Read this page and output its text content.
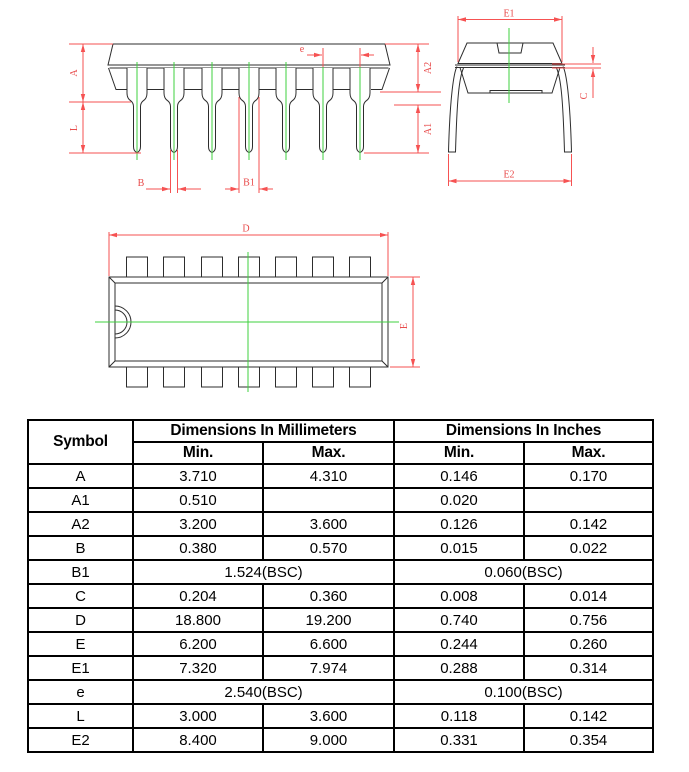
A
L
A2
A1
e
B	B1
E1
C
E2
D
E
Symbol	Dimensions In Millimeters		Dimensions In Inches	
	Min.	Max.	Min.	Max.
A	3.710	4.310	0.146	0.170
A1	0.510		0.020	
A2	3.200	3.600	0.126	0.142
B	0.380	0.570	0.015	0.022
B1	1.524(BSC)		0.060(BSC)	
C	0.204	0.360	0.008	0.014
D	18.800	19.200	0.740	0.756
E	6.200	6.600	0.244	0.260
E1	7.320	7.974	0.288	0.314
e	2.540(BSC)		0.100(BSC)	
L	3.000	3.600	0.118	0.142
E2	8.400	9.000	0.331	0.354
